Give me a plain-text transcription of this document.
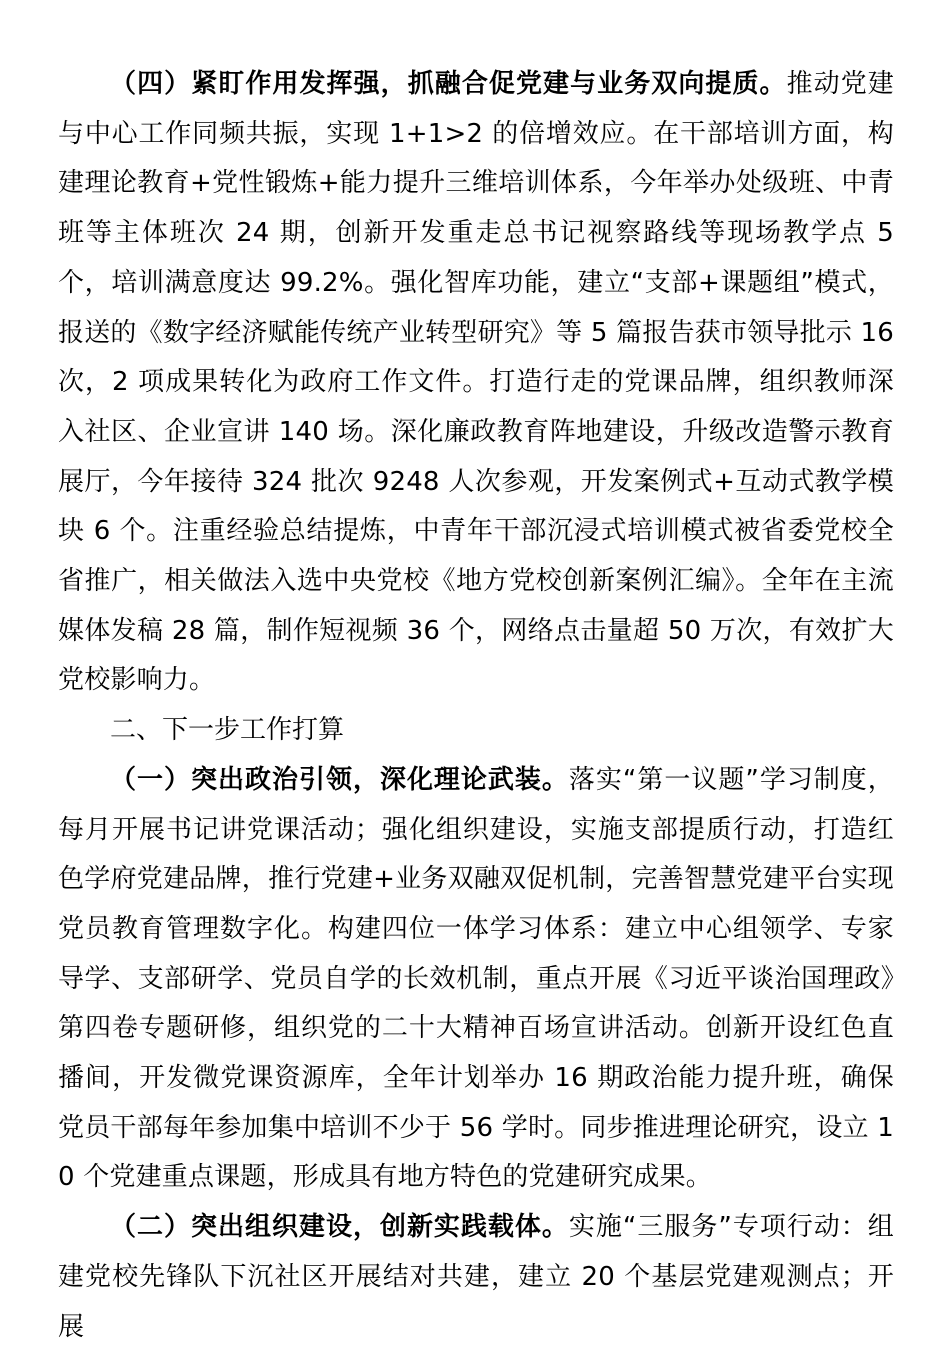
（四）紧盯作用发挥强，抓融合促党建与业务双向提质。推动党建与中心工作同频共振，实现 1+1>2 的倍增效应。在干部培训方面，构建理论教育+党性锻炼+能力提升三维培训体系，今年举办处级班、中青班等主体班次 24 期，创新开发重走总书记视察路线等现场教学点 5 个，培训满意度达 99.2%。强化智库功能，建立“支部+课题组”模式，报送的《数字经济赋能传统产业转型研究》等 5 篇报告获市领导批示 16 次，2 项成果转化为政府工作文件。打造行走的党课品牌，组织教师深入社区、企业宣讲 140 场。深化廉政教育阵地建设，升级改造警示教育展厅，今年接待 324 批次 9248 人次参观，开发案例式+互动式教学模块 6 个。注重经验总结提炼，中青年干部沉浸式培训模式被省委党校全省推广，相关做法入选中央党校《地方党校创新案例汇编》。全年在主流媒体发稿 28 篇，制作短视频 36 个，网络点击量超 50 万次，有效扩大党校影响力。

二、下一步工作打算

（一）突出政治引领，深化理论武装。落实“第一议题”学习制度，每月开展书记讲党课活动；强化组织建设，实施支部提质行动，打造红色学府党建品牌，推行党建+业务双融双促机制，完善智慧党建平台实现党员教育管理数字化。构建四位一体学习体系：建立中心组领学、专家导学、支部研学、党员自学的长效机制，重点开展《习近平谈治国理政》第四卷专题研修，组织党的二十大精神百场宣讲活动。创新开设红色直播间，开发微党课资源库，全年计划举办 16 期政治能力提升班，确保党员干部每年参加集中培训不少于 56 学时。同步推进理论研究，设立 10 个党建重点课题，形成具有地方特色的党建研究成果。

（二）突出组织建设，创新实践载体。实施“三服务”专项行动：组建党校先锋队下沉社区开展结对共建，建立 20 个基层党建观测点；开展
